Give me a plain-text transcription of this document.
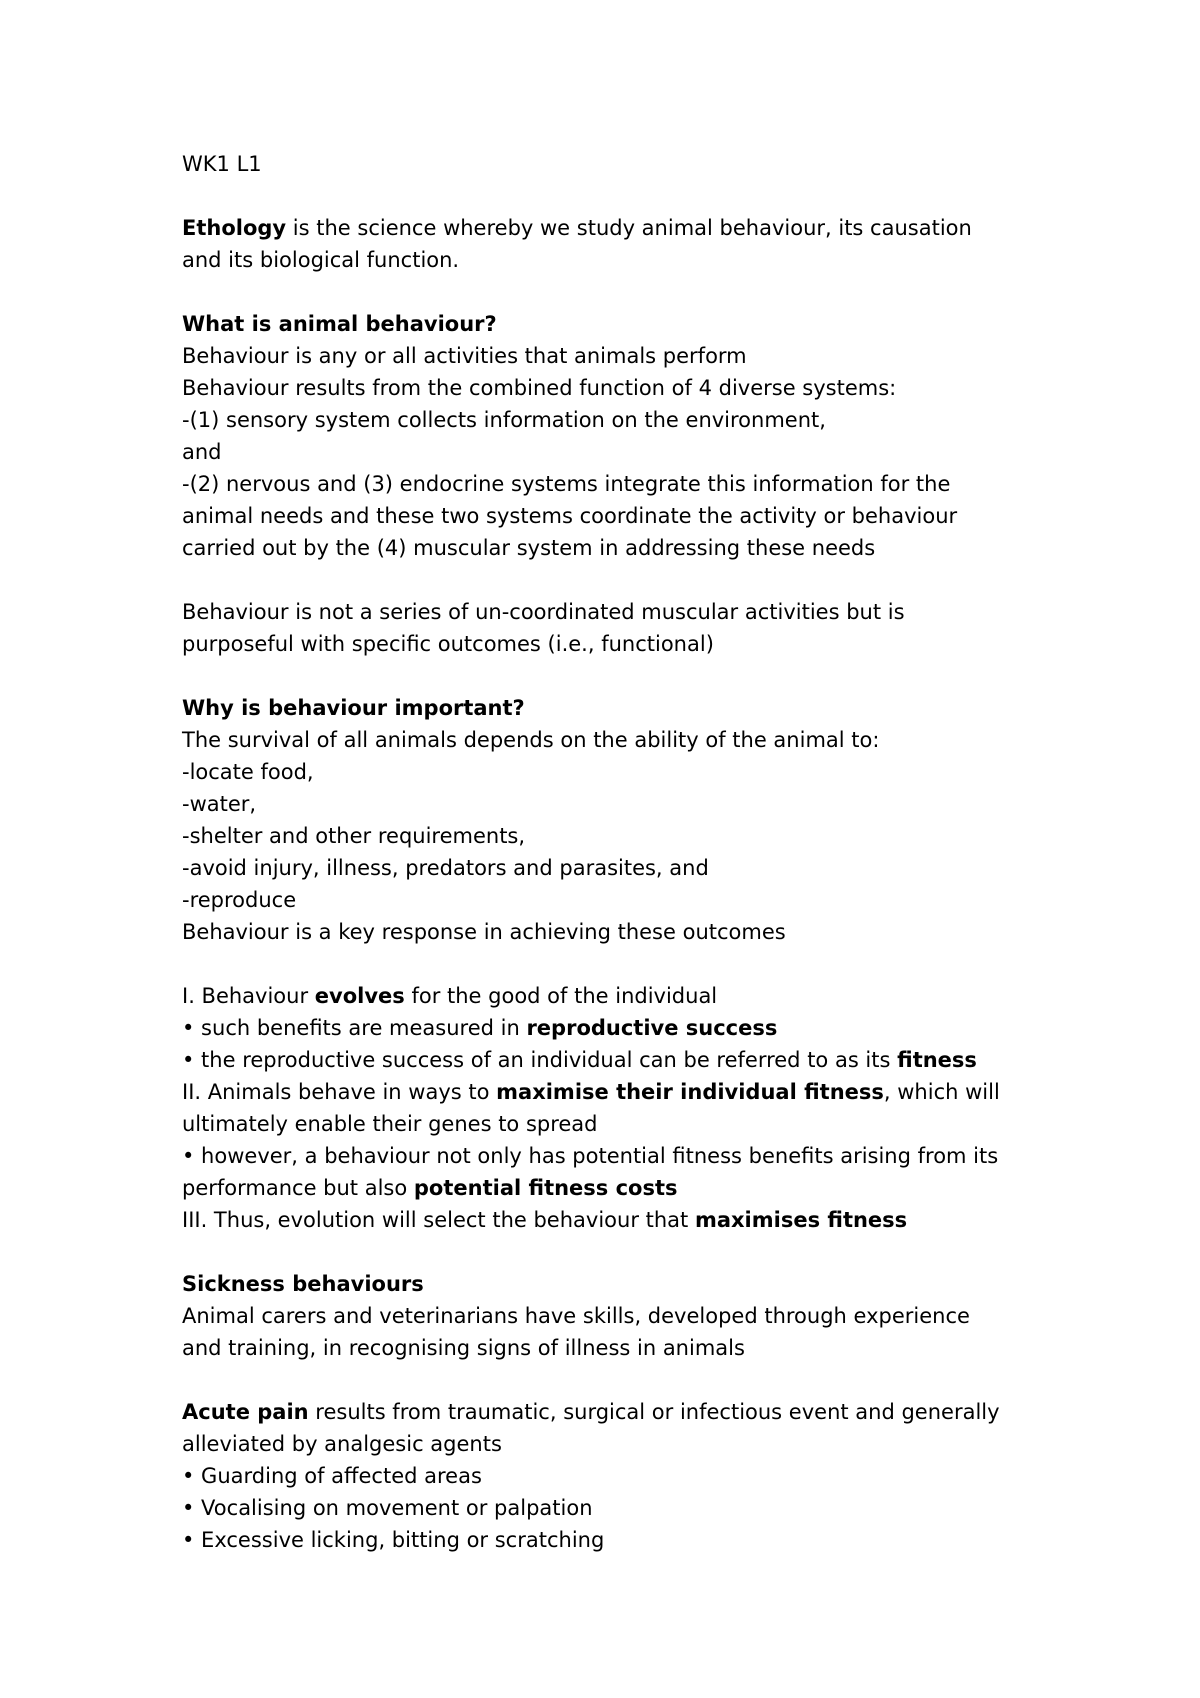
WK1 L1

Ethology is the science whereby we study animal behaviour, its causation

and its biological function.

What is animal behaviour?

Behaviour is any or all activities that animals perform

Behaviour results from the combined function of 4 diverse systems:

-(1) sensory system collects information on the environment,

and

-(2) nervous and (3) endocrine systems integrate this information for the

animal needs and these two systems coordinate the activity or behaviour

carried out by the (4) muscular system in addressing these needs

Behaviour is not a series of un-coordinated muscular activities but is

purposeful with specific outcomes (i.e., functional)

Why is behaviour important?

The survival of all animals depends on the ability of the animal to:

-locate food,

-water,

-shelter and other requirements,

-avoid injury, illness, predators and parasites, and

-reproduce

Behaviour is a key response in achieving these outcomes

I. Behaviour evolves for the good of the individual

• such benefits are measured in reproductive success

• the reproductive success of an individual can be referred to as its fitness

II. Animals behave in ways to maximise their individual fitness, which will

ultimately enable their genes to spread

• however, a behaviour not only has potential fitness benefits arising from its

performance but also potential fitness costs

III. Thus, evolution will select the behaviour that maximises fitness

Sickness behaviours

Animal carers and veterinarians have skills, developed through experience

and training, in recognising signs of illness in animals

Acute pain results from traumatic, surgical or infectious event and generally

alleviated by analgesic agents

• Guarding of affected areas

• Vocalising on movement or palpation

• Excessive licking, bitting or scratching
